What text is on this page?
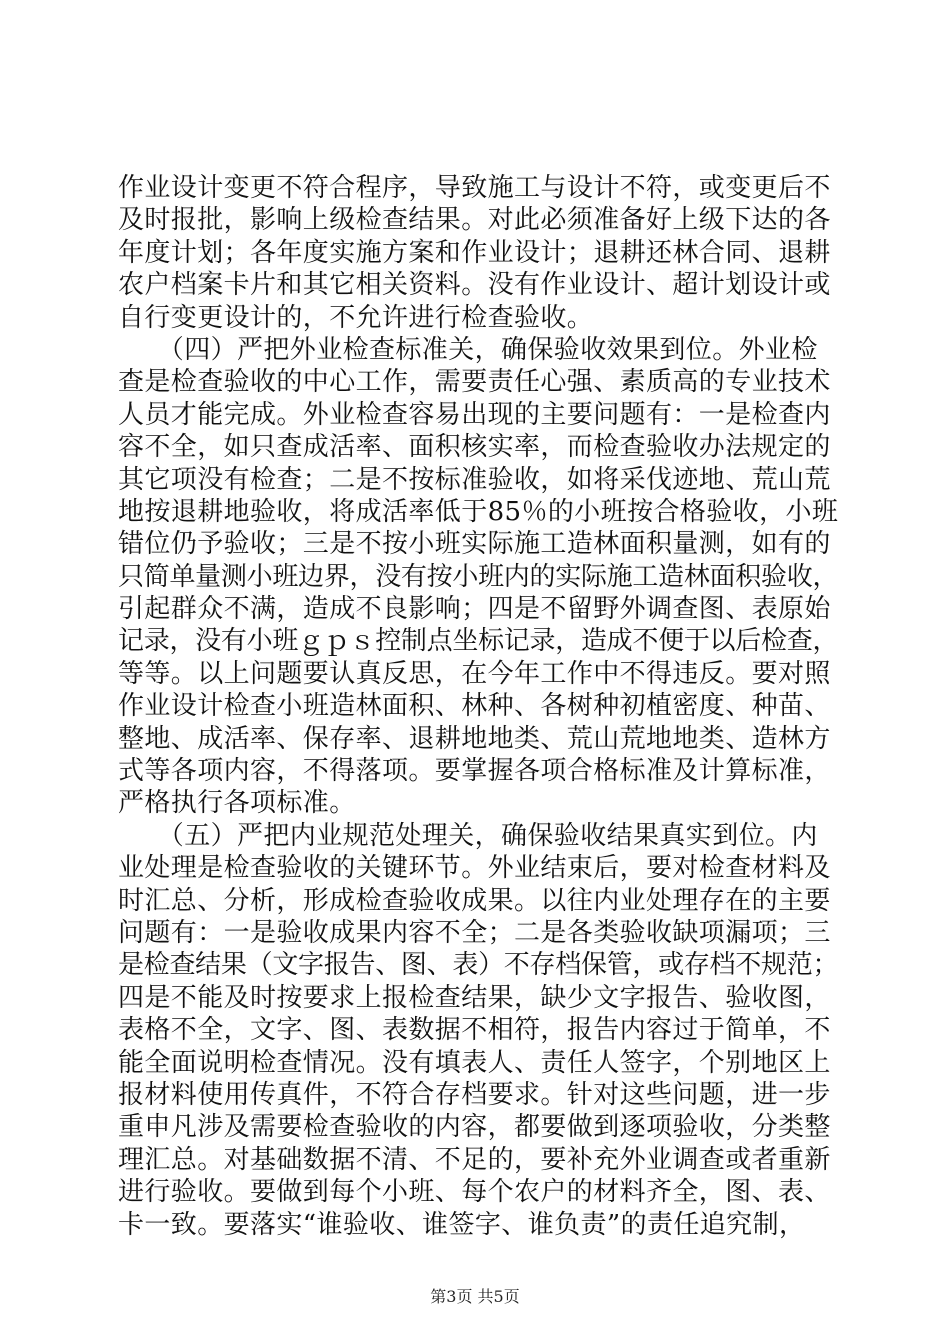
作业设计变更不符合程序，导致施工与设计不符，或变更后不
及时报批，影响上级检查结果。对此必须准备好上级下达的各
年度计划；各年度实施方案和作业设计；退耕还林合同、退耕
农户档案卡片和其它相关资料。没有作业设计、超计划设计或
自行变更设计的，不允许进行检查验收。
　　（四）严把外业检查标准关，确保验收效果到位。外业检
查是检查验收的中心工作，需要责任心强、素质高的专业技术
人员才能完成。外业检查容易出现的主要问题有：一是检查内
容不全，如只查成活率、面积核实率，而检查验收办法规定的
其它项没有检查；二是不按标准验收，如将采伐迹地、荒山荒
地按退耕地验收，将成活率低于85％的小班按合格验收，小班
错位仍予验收；三是不按小班实际施工造林面积量测，如有的
只简单量测小班边界，没有按小班内的实际施工造林面积验收，
引起群众不满，造成不良影响；四是不留野外调查图、表原始
记录，没有小班ｇｐｓ控制点坐标记录，造成不便于以后检查，
等等。以上问题要认真反思，在今年工作中不得违反。要对照
作业设计检查小班造林面积、林种、各树种初植密度、种苗、
整地、成活率、保存率、退耕地地类、荒山荒地地类、造林方
式等各项内容，不得落项。要掌握各项合格标准及计算标准，
严格执行各项标准。
　　（五）严把内业规范处理关，确保验收结果真实到位。内
业处理是检查验收的关键环节。外业结束后，要对检查材料及
时汇总、分析，形成检查验收成果。以往内业处理存在的主要
问题有：一是验收成果内容不全；二是各类验收缺项漏项；三
是检查结果（文字报告、图、表）不存档保管，或存档不规范；
四是不能及时按要求上报检查结果，缺少文字报告、验收图，
表格不全，文字、图、表数据不相符，报告内容过于简单，不
能全面说明检查情况。没有填表人、责任人签字，个别地区上
报材料使用传真件，不符合存档要求。针对这些问题，进一步
重申凡涉及需要检查验收的内容，都要做到逐项验收，分类整
理汇总。对基础数据不清、不足的，要补充外业调查或者重新
进行验收。要做到每个小班、每个农户的材料齐全，图、表、
卡一致。要落实“谁验收、谁签字、谁负责”的责任追究制，
第3页 共5页
